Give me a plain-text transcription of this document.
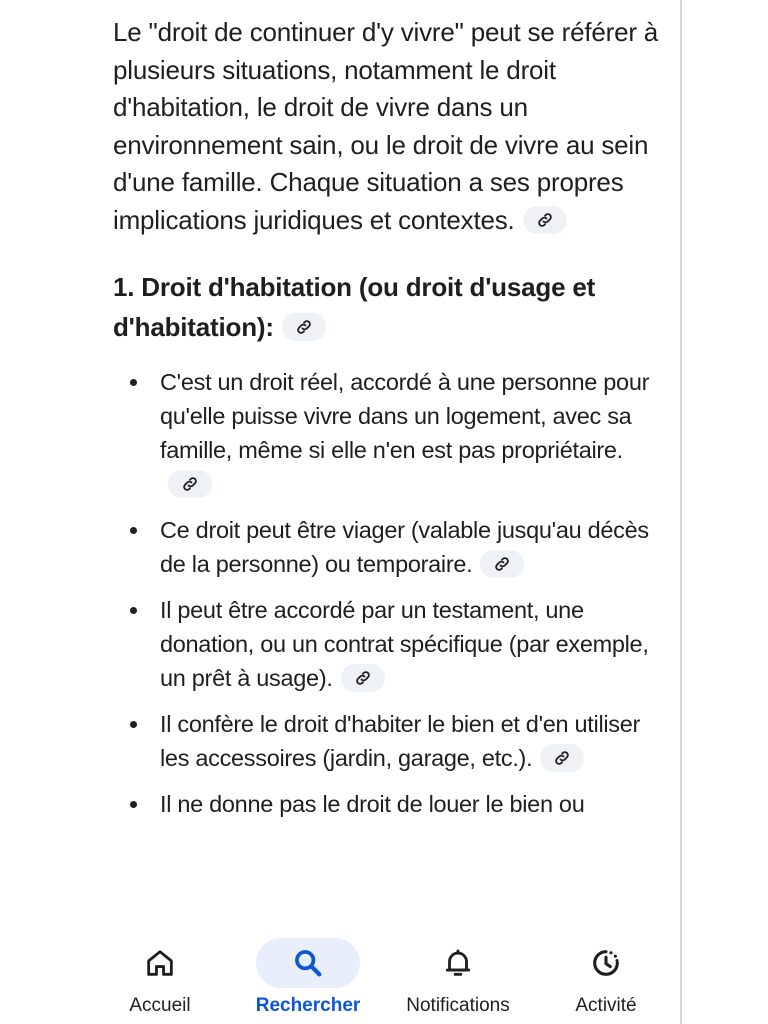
Le "droit de continuer d'y vivre" peut se référer à plusieurs situations, notamment le droit d'habitation, le droit de vivre dans un environnement sain, ou le droit de vivre au sein d'une famille. Chaque situation a ses propres implications juridiques et contextes.

1. Droit d'habitation (ou droit d'usage et d'habitation):
C'est un droit réel, accordé à une personne pour qu'elle puisse vivre dans un logement, avec sa famille, même si elle n'en est pas propriétaire.
Ce droit peut être viager (valable jusqu'au décès de la personne) ou temporaire.
Il peut être accordé par un testament, une donation, ou un contrat spécifique (par exemple, un prêt à usage).
Il confère le droit d'habiter le bien et d'en utiliser les accessoires (jardin, garage, etc.).
Il ne donne pas le droit de louer le bien ou
Accueil	Rechercher Notifications	Activité
